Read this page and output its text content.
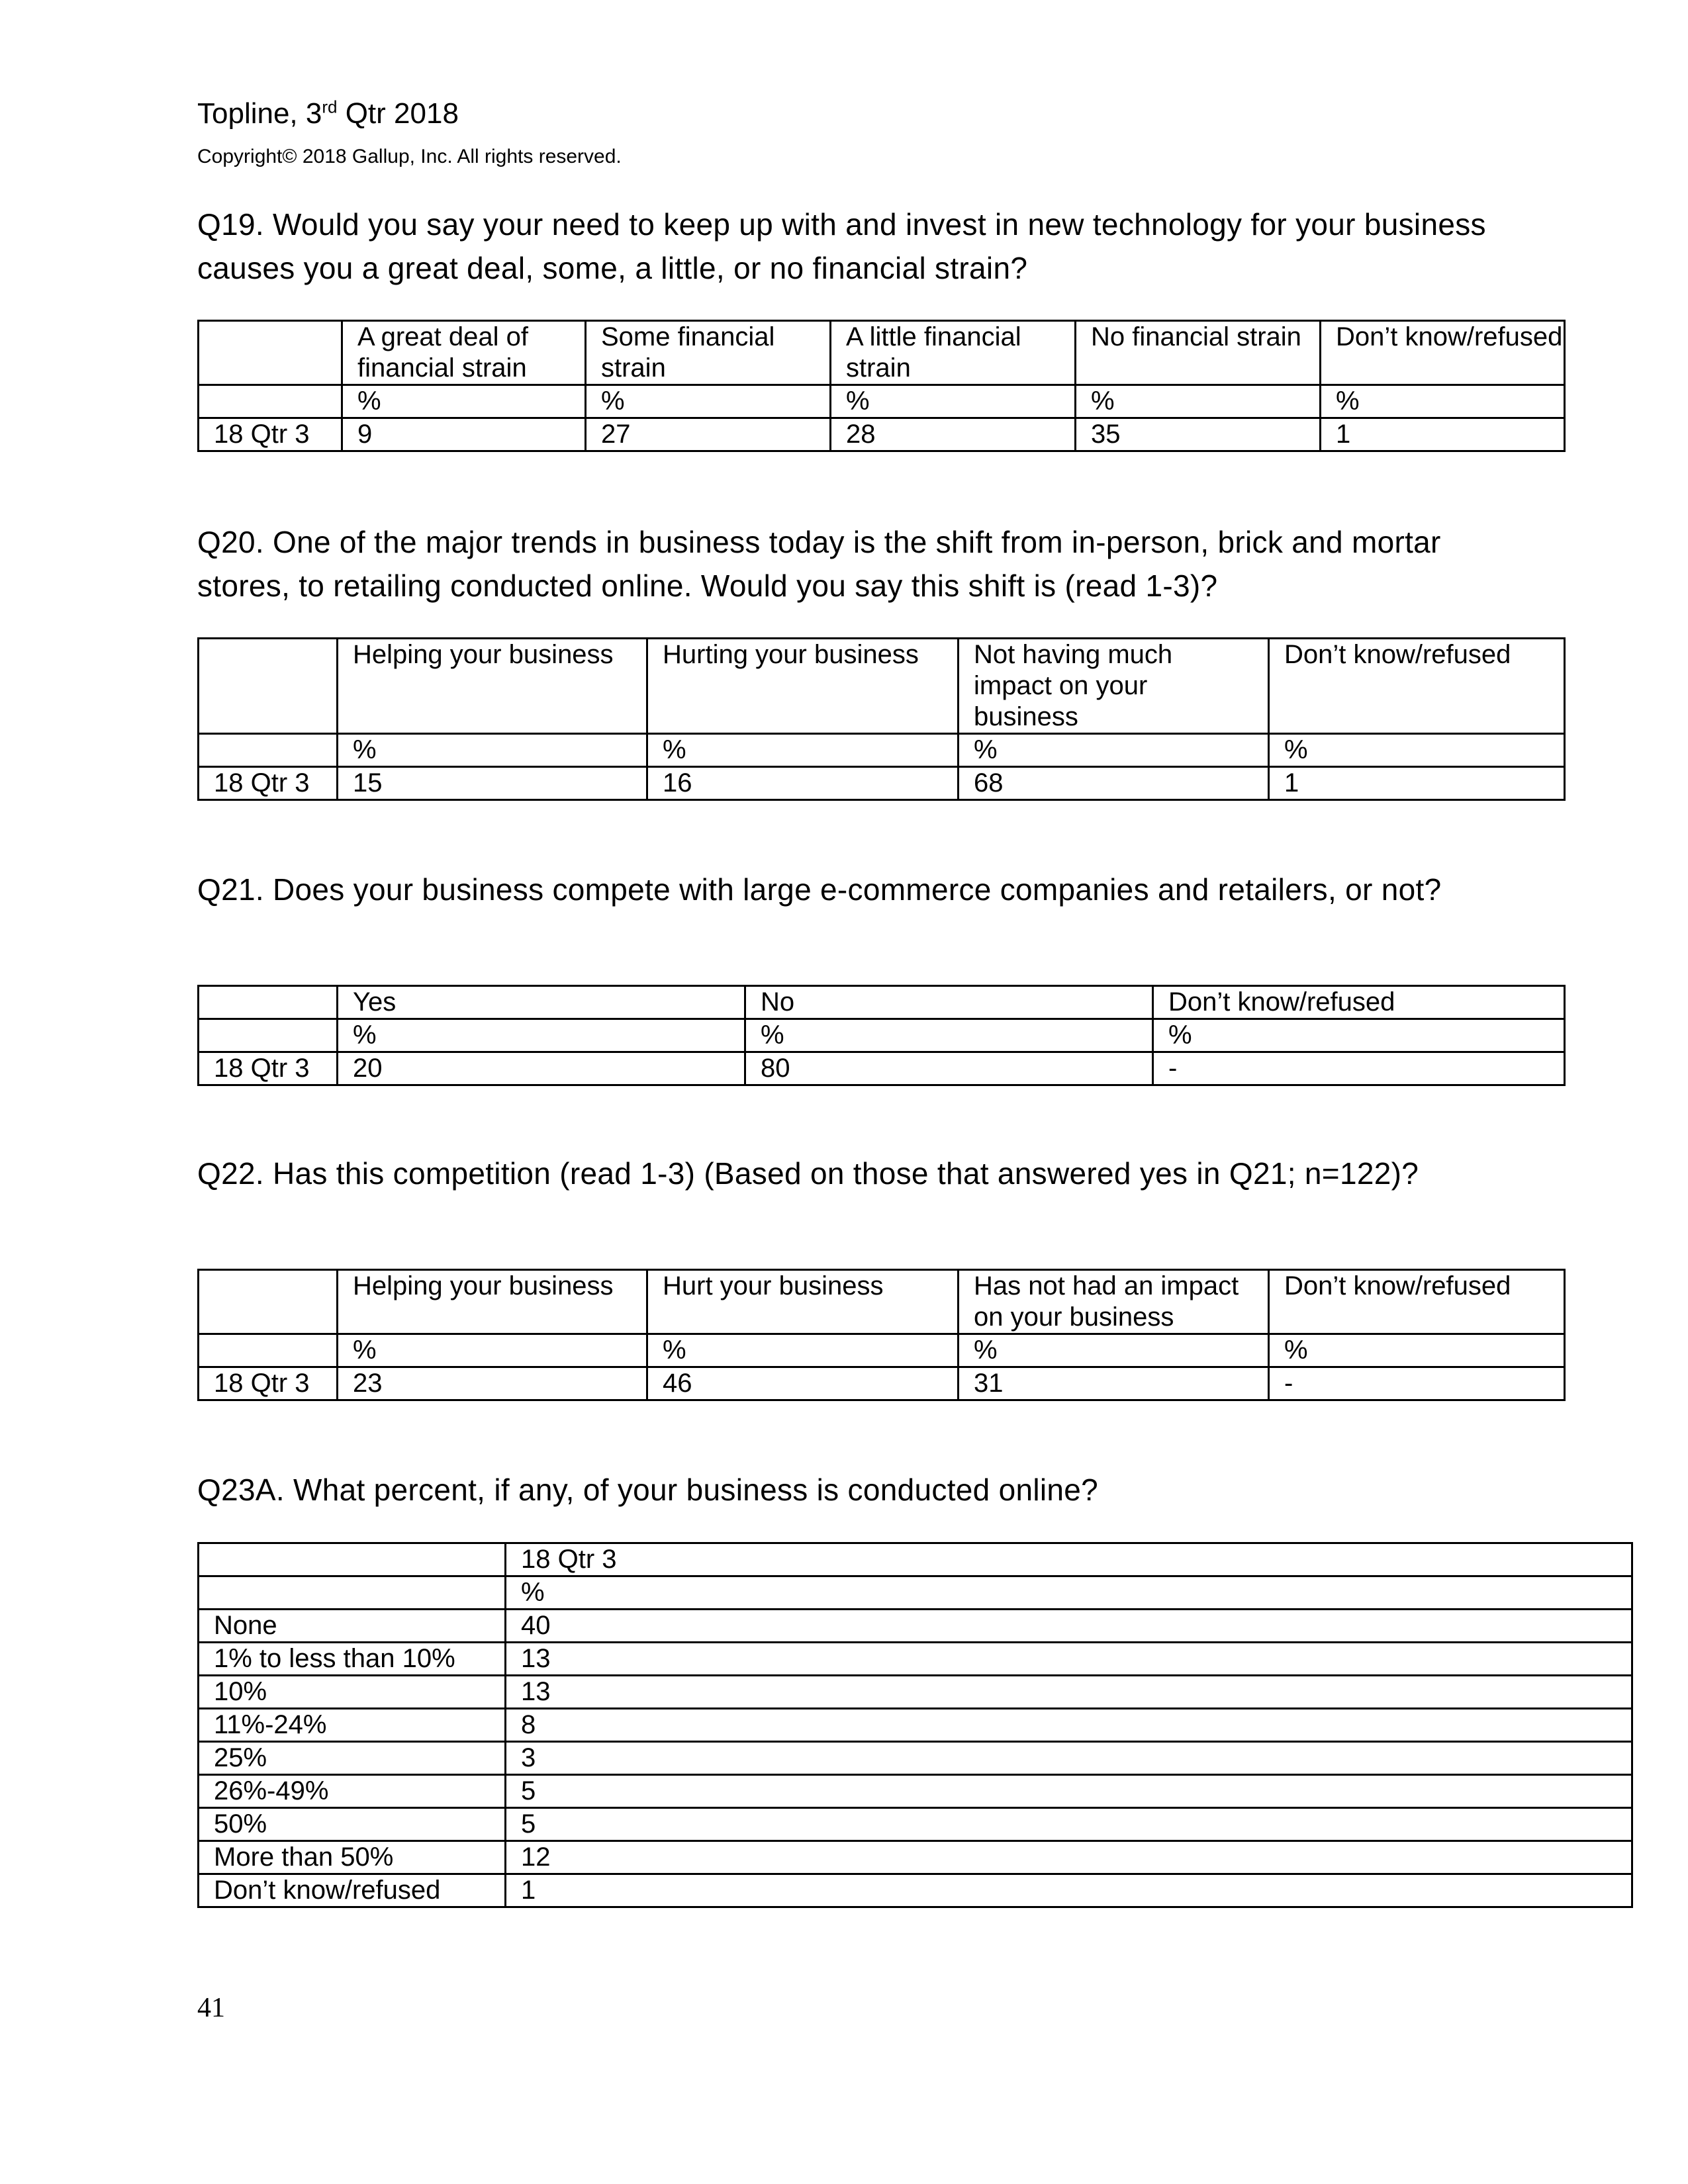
Topline, 3rd Qtr 2018
Copyright© 2018 Gallup, Inc. All rights reserved.
Q19. Would you say your need to keep up with and invest in new technology for your business causes you a great deal, some, a little, or no financial strain?
	A great deal of financial strain	Some financial strain	A little financial strain	No financial strain	Don’t know/refused
	%	%	%	%	%
18 Qtr 3	9	27	28	35	1
Q20. One of the major trends in business today is the shift from in-person, brick and mortar stores, to retailing conducted online. Would you say this shift is (read 1-3)?
	Helping your business	Hurting your business	Not having much impact on your business	Don’t know/refused
	%	%	%	%
18 Qtr 3	15	16	68	1
Q21. Does your business compete with large e-commerce companies and retailers, or not?
	Yes	No	Don’t know/refused
	%	%	%
18 Qtr 3	20	80	-
Q22. Has this competition (read 1-3) (Based on those that answered yes in Q21; n=122)?
	Helping your business	Hurt your business	Has not had an impact on your business	Don’t know/refused
	%	%	%	%
18 Qtr 3	23	46	31	-
Q23A. What percent, if any, of your business is conducted online?
	18 Qtr 3
	%
None	40
1% to less than 10%	13
10%	13
11%-24%	8
25%	3
26%-49%	5
50%	5
More than 50%	12
Don’t know/refused	1
41
